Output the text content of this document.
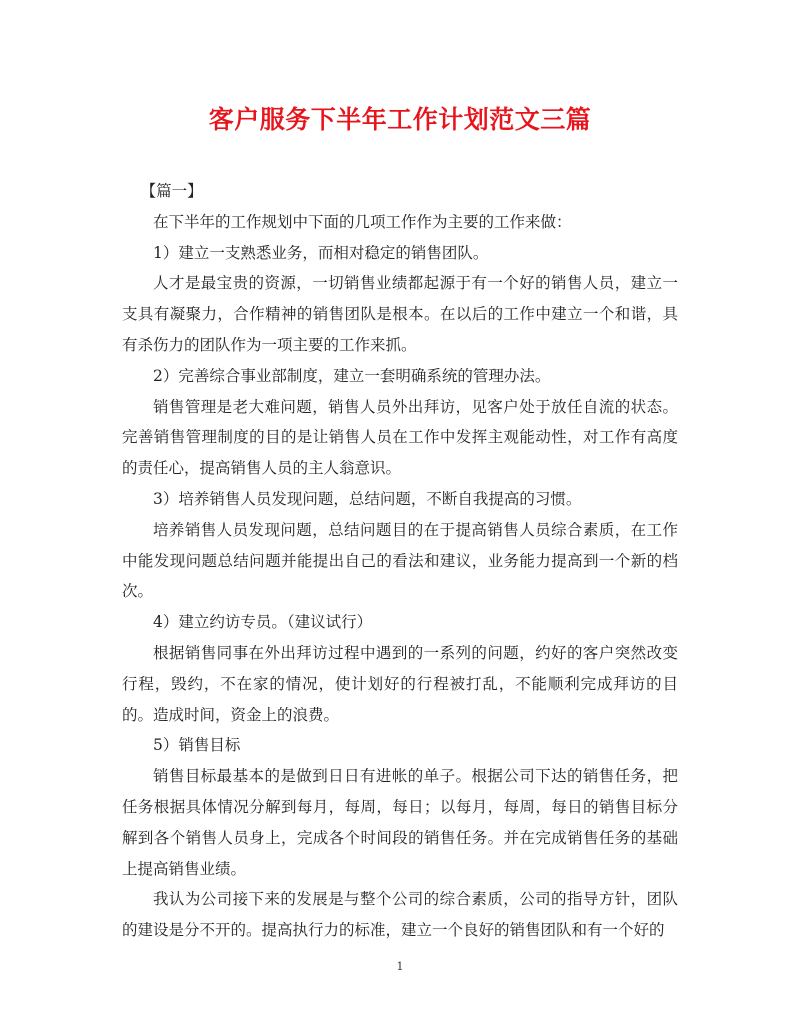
客户服务下半年工作计划范文三篇

【篇一】

在下半年的工作规划中下面的几项工作作为主要的工作来做：

1）建立一支熟悉业务，而相对稳定的销售团队。

人才是最宝贵的资源，一切销售业绩都起源于有一个好的销售人员，建立一支具有凝聚力，合作精神的销售团队是根本。在以后的工作中建立一个和谐，具有杀伤力的团队作为一项主要的工作来抓。

2）完善综合事业部制度，建立一套明确系统的管理办法。

销售管理是老大难问题，销售人员外出拜访，见客户处于放任自流的状态。完善销售管理制度的目的是让销售人员在工作中发挥主观能动性，对工作有高度的责任心，提高销售人员的主人翁意识。

3）培养销售人员发现问题，总结问题，不断自我提高的习惯。

培养销售人员发现问题，总结问题目的在于提高销售人员综合素质，在工作中能发现问题总结问题并能提出自己的看法和建议，业务能力提高到一个新的档次。

4）建立约访专员。（建议试行）

根据销售同事在外出拜访过程中遇到的一系列的问题，约好的客户突然改变行程，毁约，不在家的情况，使计划好的行程被打乱，不能顺利完成拜访的目的。造成时间，资金上的浪费。

5）销售目标

销售目标最基本的是做到日日有进帐的单子。根据公司下达的销售任务，把任务根据具体情况分解到每月，每周，每日；以每月，每周，每日的销售目标分解到各个销售人员身上，完成各个时间段的销售任务。并在完成销售任务的基础上提高销售业绩。

我认为公司接下来的发展是与整个公司的综合素质，公司的指导方针，团队的建设是分不开的。提高执行力的标准，建立一个良好的销售团队和有一个好的

1
